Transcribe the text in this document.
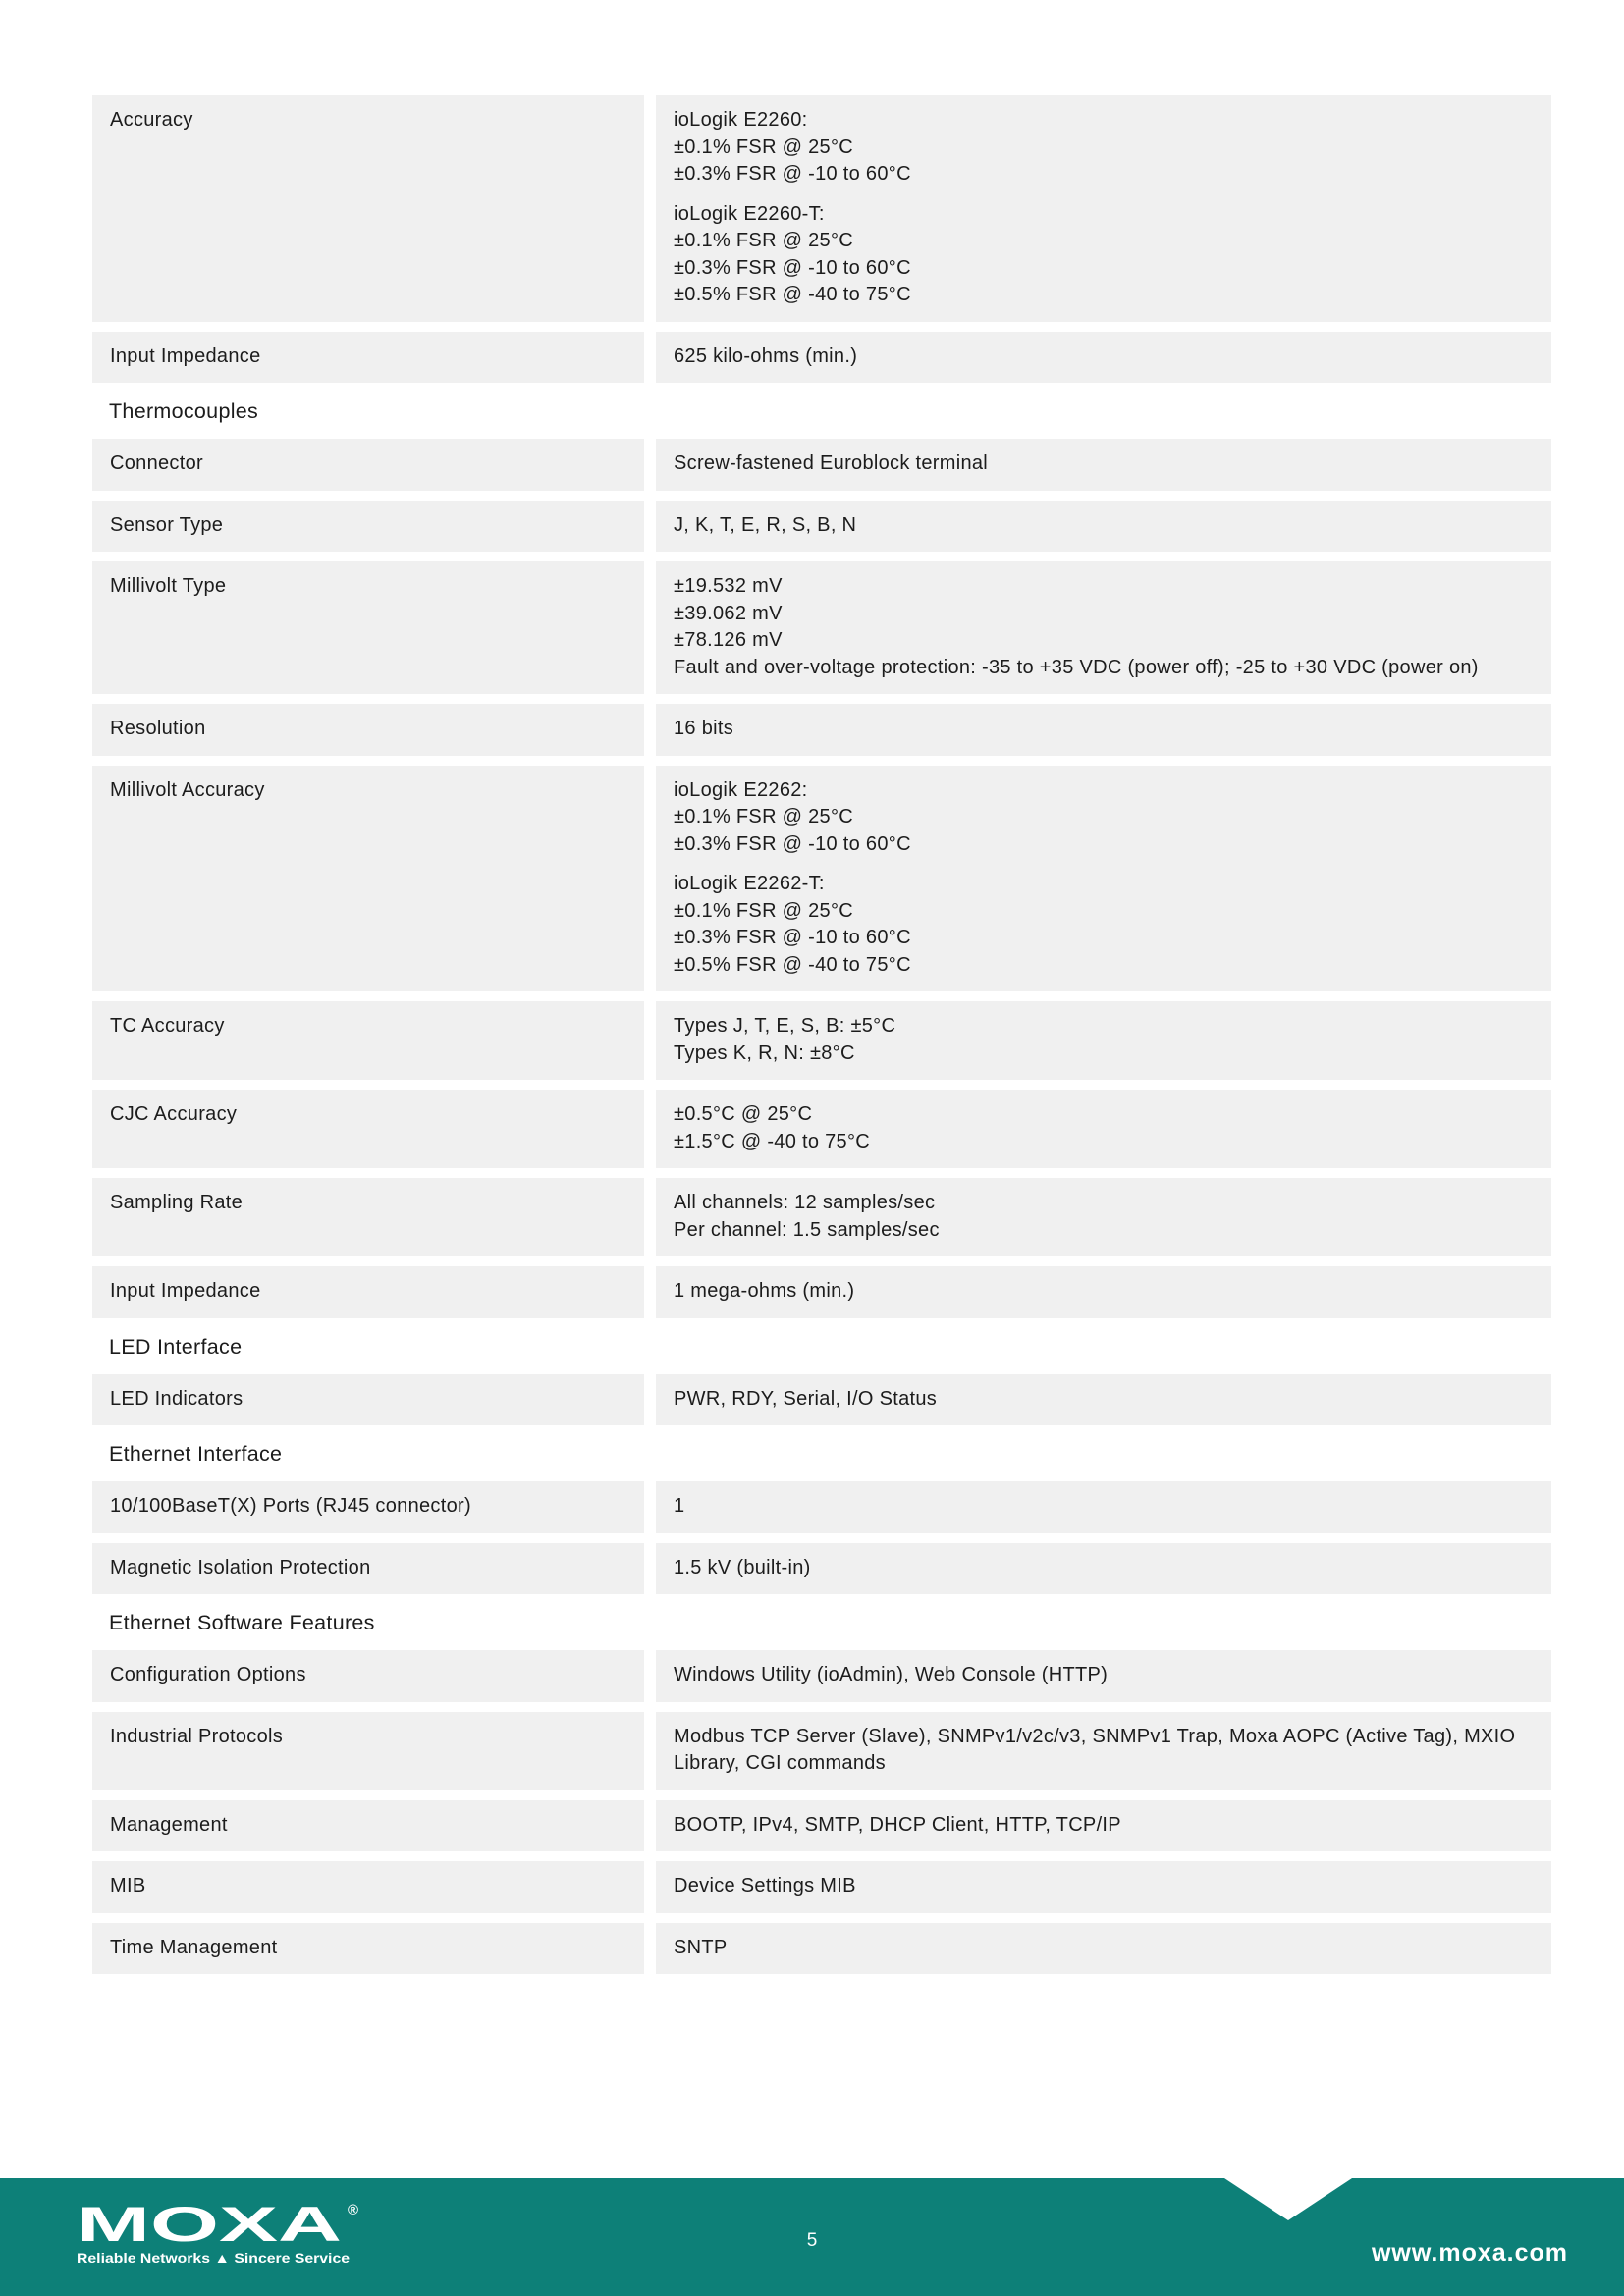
Accuracy	ioLogik E2260:
±0.1% FSR @ 25°C
±0.3% FSR @ -10 to 60°C
ioLogik E2260-T:
±0.1% FSR @ 25°C
±0.3% FSR @ -10 to 60°C
±0.5% FSR @ -40 to 75°C
Input Impedance	625 kilo-ohms (min.)
Thermocouples
Connector	Screw-fastened Euroblock terminal
Sensor Type	J, K, T, E, R, S, B, N
Millivolt Type	±19.532 mV
±39.062 mV
±78.126 mV
Fault and over-voltage protection: -35 to +35 VDC (power off); -25 to +30 VDC (power on)
Resolution	16 bits
Millivolt Accuracy	ioLogik E2262:
±0.1% FSR @ 25°C
±0.3% FSR @ -10 to 60°C
ioLogik E2262-T:
±0.1% FSR @ 25°C
±0.3% FSR @ -10 to 60°C
±0.5% FSR @ -40 to 75°C
TC Accuracy	Types J, T, E, S, B: ±5°C
Types K, R, N: ±8°C
CJC Accuracy	±0.5°C @ 25°C
±1.5°C @ -40 to 75°C
Sampling Rate	All channels: 12 samples/sec
Per channel: 1.5 samples/sec
Input Impedance	1 mega-ohms (min.)
LED Interface
LED Indicators	PWR, RDY, Serial, I/O Status
Ethernet Interface
10/100BaseT(X) Ports (RJ45 connector)	1
Magnetic Isolation Protection	1.5 kV (built-in)
Ethernet Software Features
Configuration Options	Windows Utility (ioAdmin), Web Console (HTTP)
Industrial Protocols	Modbus TCP Server (Slave), SNMPv1/v2c/v3, SNMPv1 Trap, Moxa AOPC (Active Tag), MXIO Library, CGI commands
Management	BOOTP, IPv4, SMTP, DHCP Client, HTTP, TCP/IP
MIB	Device Settings MIB
Time Management	SNTP
MOXA ®
Reliable Networks ▲ Sincere Service
5	www.moxa.com
